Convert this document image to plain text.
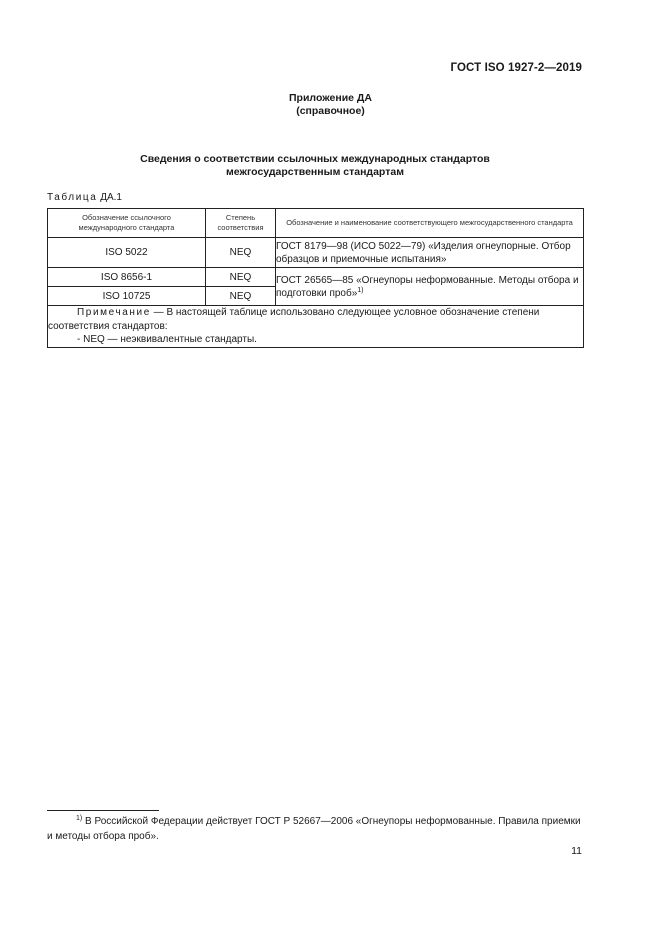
ГОСТ ISO 1927-2—2019
Приложение ДА
(справочное)
Сведения о соответствии ссылочных международных стандартов
межгосударственным стандартам
Таблица ДА.1
Обозначение ссылочного международного стандарта	Степень соответствия	Обозначение и наименование соответствующего межгосударственного стандарта
ISO 5022	NEQ	ГОСТ 8179—98 (ИСО 5022—79) «Изделия огнеупорные. Отбор образцов и приемочные испытания»
ISO 8656-1	NEQ	ГОСТ 26565—85 «Огнеупоры неформованные. Методы отбора и подготовки проб»$^{1)}$
ISO 10725	NEQ	

Примечание — В настоящей таблице использовано следующее условное обозначение степени соответствия стандартов:
- NEQ — неэквивалентные стандарты.		
$^{1)}$ В Российской Федерации действует ГОСТ Р 52667—2006 «Огнеупоры неформованные. Правила приемки и методы отбора проб».
11
